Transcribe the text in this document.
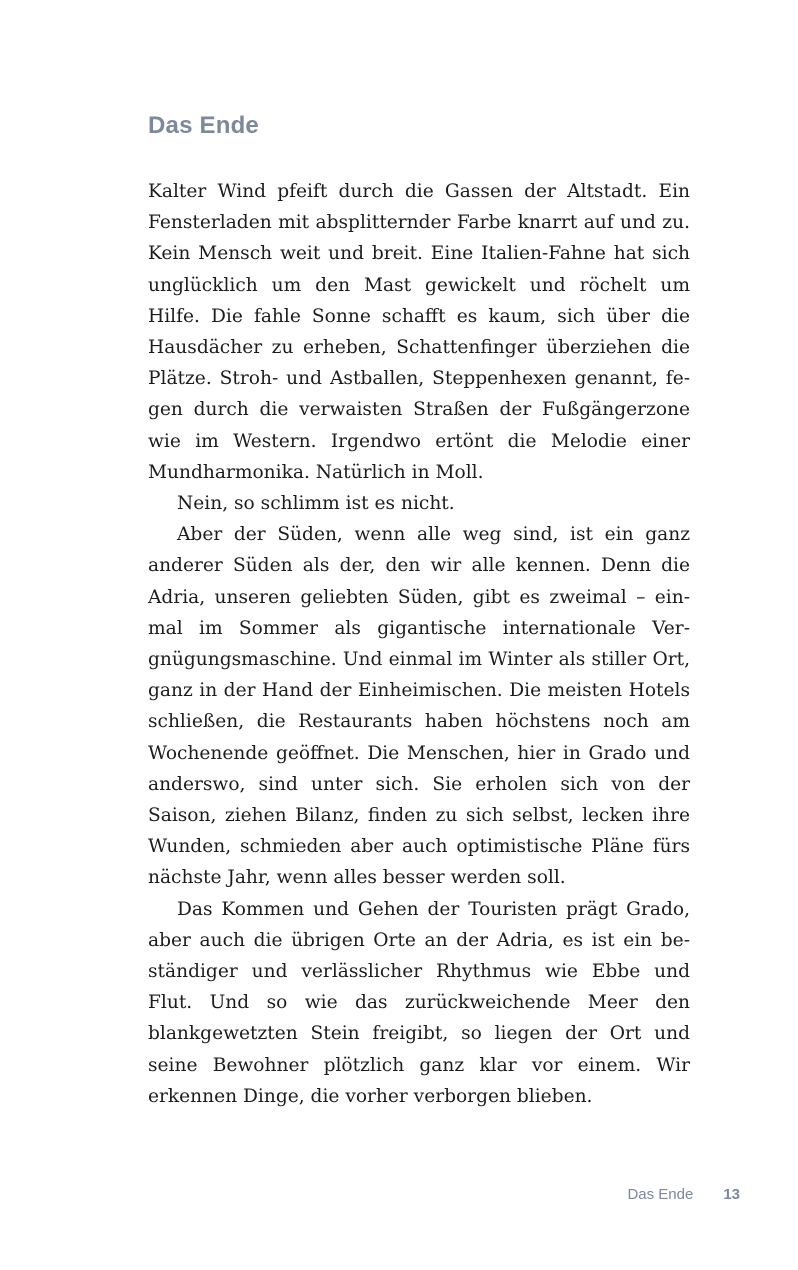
Das Ende

Kalter Wind pfeift durch die Gassen der Altstadt. Ein Fensterladen mit absplitternder Farbe knarrt auf und zu. Kein Mensch weit und breit. Eine Italien-Fahne hat sich unglücklich um den Mast gewickelt und röchelt um Hilfe. Die fahle Sonne schafft es kaum, sich über die Hausdächer zu erheben, Schattenfinger überziehen die Plätze. Stroh- und Astballen, Steppenhexen genannt, fegen durch die verwaisten Straßen der Fußgängerzone wie im Western. Irgendwo ertönt die Melodie einer Mundharmonika. Natürlich in Moll.

Nein, so schlimm ist es nicht.

Aber der Süden, wenn alle weg sind, ist ein ganz anderer Süden als der, den wir alle kennen. Denn die Adria, unseren geliebten Süden, gibt es zweimal – einmal im Sommer als gigantische internationale Vergnügungsmaschine. Und einmal im Winter als stiller Ort, ganz in der Hand der Einheimischen. Die meisten Hotels schließen, die Restaurants haben höchstens noch am Wochenende geöffnet. Die Menschen, hier in Grado und anderswo, sind unter sich. Sie erholen sich von der Saison, ziehen Bilanz, finden zu sich selbst, lecken ihre Wunden, schmieden aber auch optimistische Pläne fürs nächste Jahr, wenn alles besser werden soll.

Das Kommen und Gehen der Touristen prägt Grado, aber auch die übrigen Orte an der Adria, es ist ein beständiger und verlässlicher Rhythmus wie Ebbe und Flut. Und so wie das zurückweichende Meer den blankgewetzten Stein freigibt, so liegen der Ort und seine Bewohner plötzlich ganz klar vor einem. Wir erkennen Dinge, die vorher verborgen blieben.

Das Ende 13
